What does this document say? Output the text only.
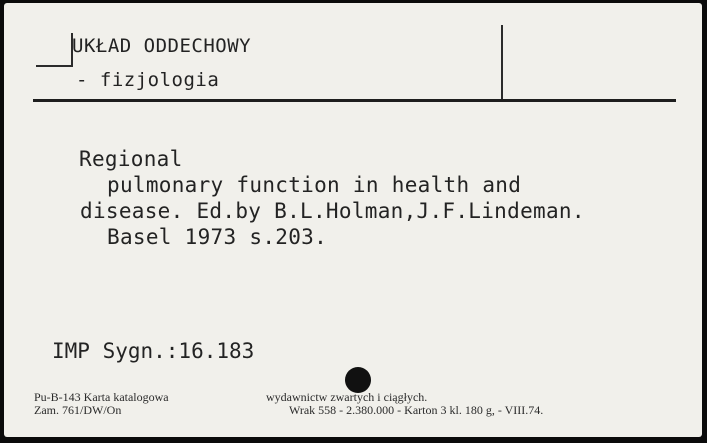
UKŁAD ODDECHOWY
- fizjologia
Regional
pulmonary function in health and
disease. Ed.by B.L.Holman,J.F.Lindeman.
Basel 1973 s.203.
IMP Sygn.:16.183
Pu-B-143 Karta katalogowa	wydawnictw zwartych i ciągłych.
Zam. 761/DW/On	Wrak 558 - 2.380.000 - Karton 3 kl. 180 g, - VIII.74.
